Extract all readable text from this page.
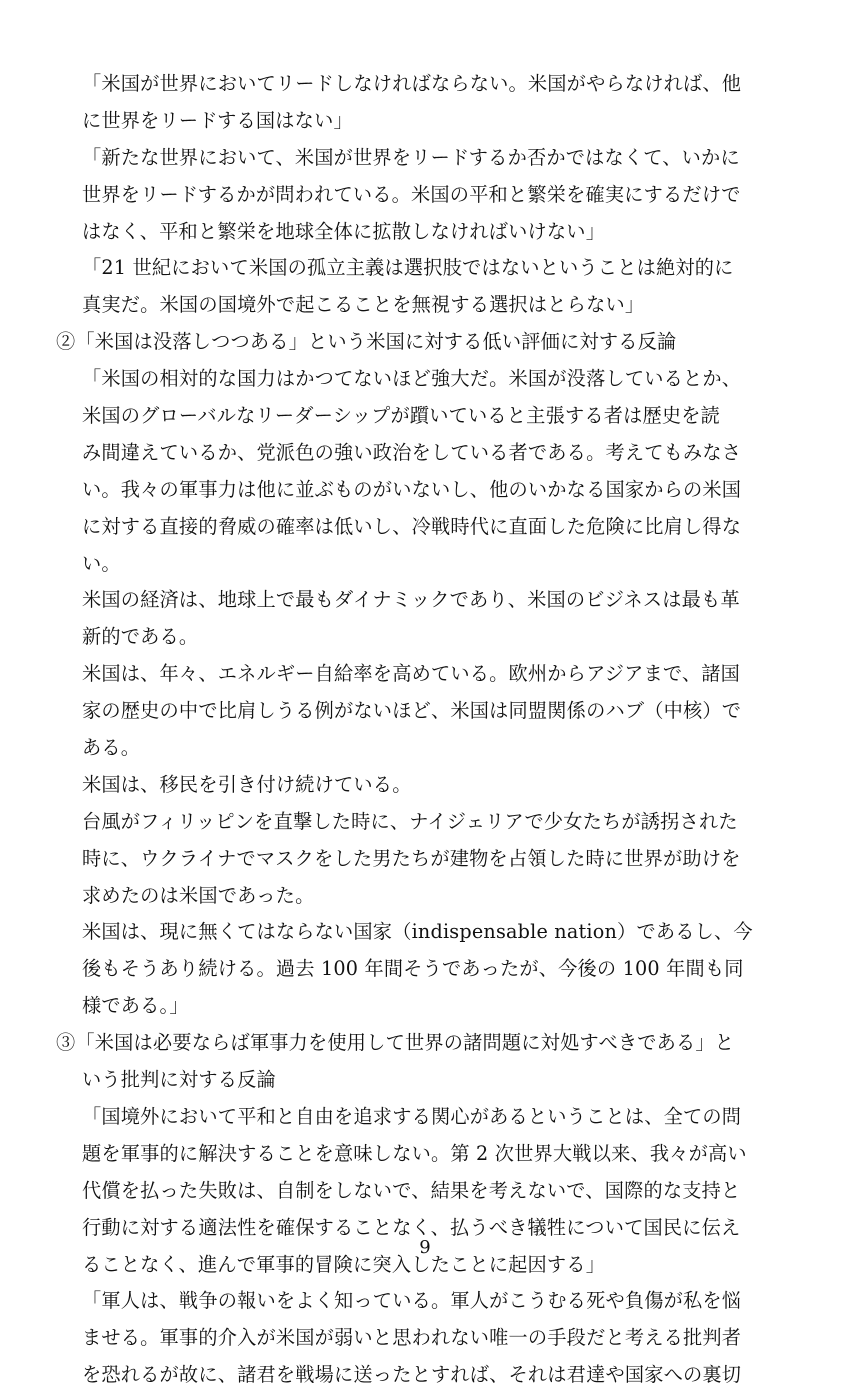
「米国が世界においてリードしなければならない。米国がやらなければ、他
に世界をリードする国はない」
「新たな世界において、米国が世界をリードするか否かではなくて、いかに
世界をリードするかが問われている。米国の平和と繁栄を確実にするだけで
はなく、平和と繁栄を地球全体に拡散しなければいけない」
「21 世紀において米国の孤立主義は選択肢ではないということは絶対的に
真実だ。米国の国境外で起こることを無視する選択はとらない」
②「米国は没落しつつある」という米国に対する低い評価に対する反論
「米国の相対的な国力はかつてないほど強大だ。米国が没落しているとか、
米国のグローバルなリーダーシップが躓いていると主張する者は歴史を読
み間違えているか、党派色の強い政治をしている者である。考えてもみなさ
い。我々の軍事力は他に並ぶものがいないし、他のいかなる国家からの米国
に対する直接的脅威の確率は低いし、冷戦時代に直面した危険に比肩し得な
い。
米国の経済は、地球上で最もダイナミックであり、米国のビジネスは最も革
新的である。
米国は、年々、エネルギー自給率を高めている。欧州からアジアまで、諸国
家の歴史の中で比肩しうる例がないほど、米国は同盟関係のハブ（中核）で
ある。
米国は、移民を引き付け続けている。
台風がフィリッピンを直撃した時に、ナイジェリアで少女たちが誘拐された
時に、ウクライナでマスクをした男たちが建物を占領した時に世界が助けを
求めたのは米国であった。
米国は、現に無くてはならない国家（indispensable nation）であるし、今
後もそうあり続ける。過去 100 年間そうであったが、今後の 100 年間も同
様である。」
③「米国は必要ならば軍事力を使用して世界の諸問題に対処すべきである」と
いう批判に対する反論
「国境外において平和と自由を追求する関心があるということは、全ての問
題を軍事的に解決することを意味しない。第 2 次世界大戦以来、我々が高い
代償を払った失敗は、自制をしないで、結果を考えないで、国際的な支持と
行動に対する適法性を確保することなく、払うべき犠牲について国民に伝え
ることなく、進んで軍事的冒険に突入したことに起因する」
「軍人は、戦争の報いをよく知っている。軍人がこうむる死や負傷が私を悩
ませる。軍事的介入が米国が弱いと思われない唯一の手段だと考える批判者
を恐れるが故に、諸君を戦場に送ったとすれば、それは君達や国家への裏切
9
